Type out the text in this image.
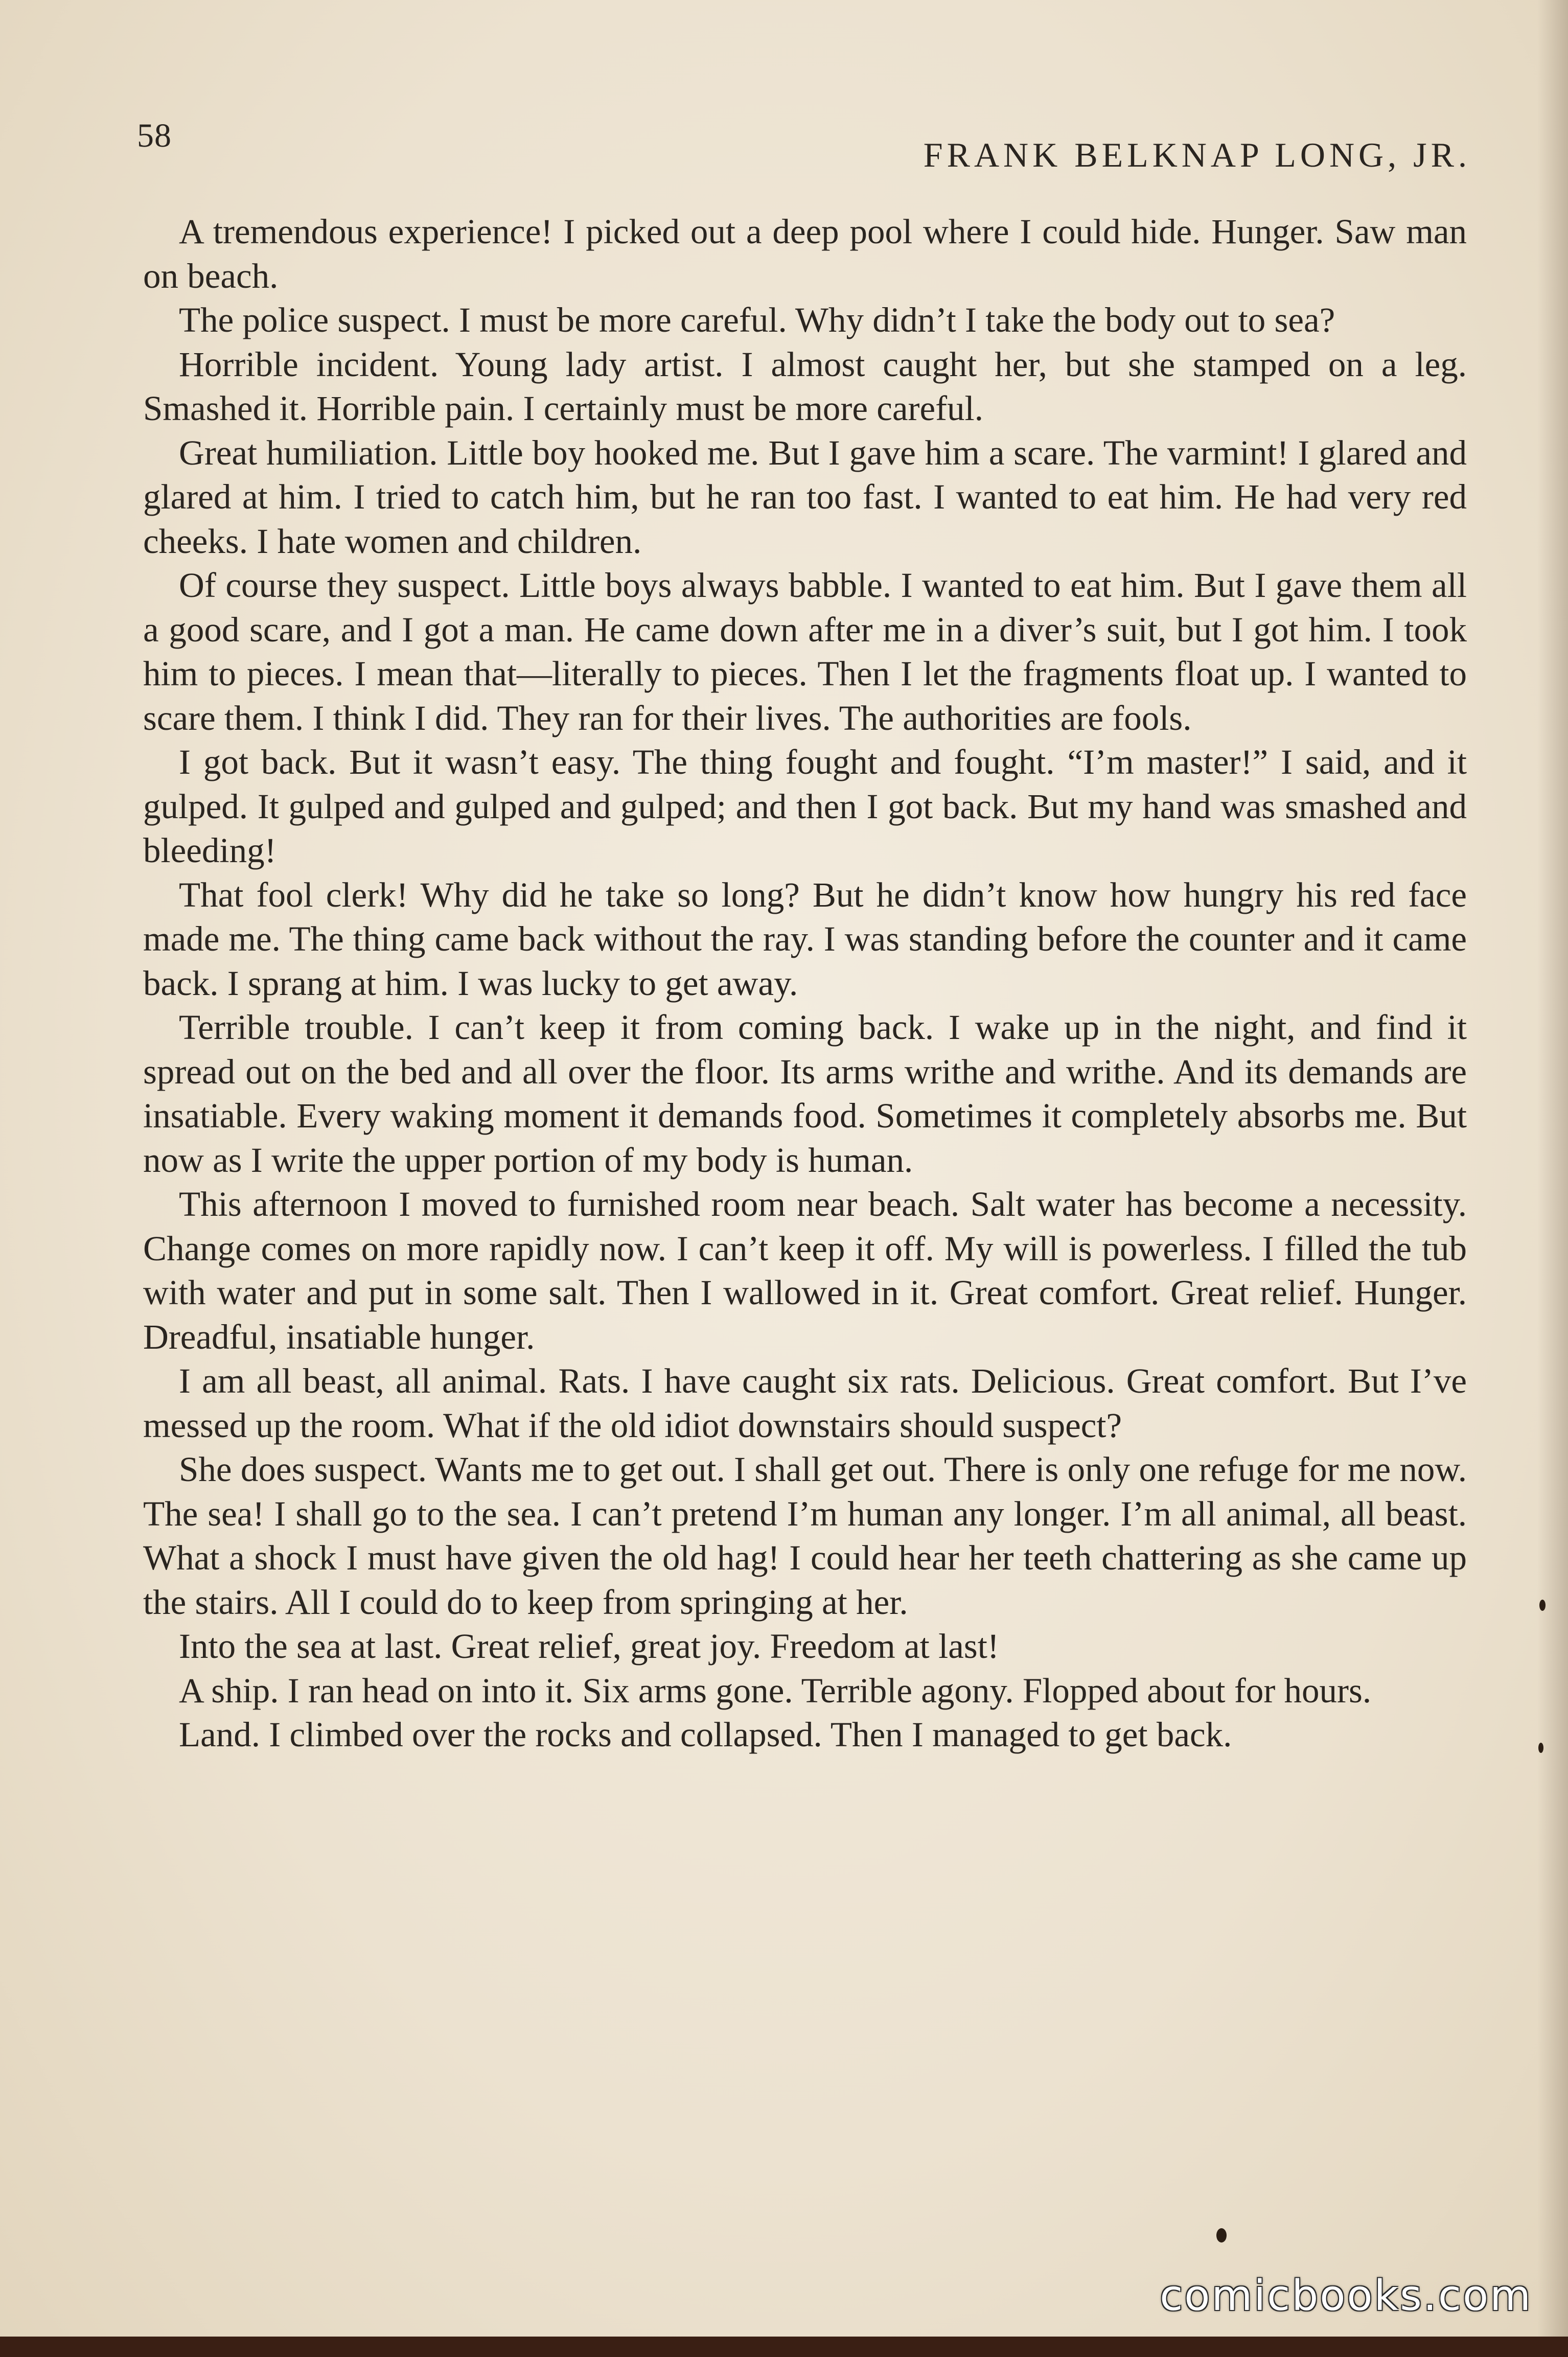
58	FRANK BELKNAP LONG, JR.

A tremendous experience! I picked out a deep pool where I could hide. Hunger. Saw man on beach.

The police suspect. I must be more careful. Why didn’t I take the body out to sea?

Horrible incident. Young lady artist. I almost caught her, but she stamped on a leg. Smashed it. Horrible pain. I certainly must be more careful.

Great humiliation. Little boy hooked me. But I gave him a scare. The varmint! I glared and glared at him. I tried to catch him, but he ran too fast. I wanted to eat him. He had very red cheeks. I hate women and children.

Of course they suspect. Little boys always babble. I wanted to eat him. But I gave them all a good scare, and I got a man. He came down after me in a diver’s suit, but I got him. I took him to pieces. I mean that—literally to pieces. Then I let the fragments float up. I wanted to scare them. I think I did. They ran for their lives. The authorities are fools.

I got back. But it wasn’t easy. The thing fought and fought. “I’m master!” I said, and it gulped. It gulped and gulped and gulped; and then I got back. But my hand was smashed and bleeding!

That fool clerk! Why did he take so long? But he didn’t know how hungry his red face made me. The thing came back without the ray. I was standing before the counter and it came back. I sprang at him. I was lucky to get away.

Terrible trouble. I can’t keep it from coming back. I wake up in the night, and find it spread out on the bed and all over the floor. Its arms writhe and writhe. And its demands are insatiable. Every waking moment it demands food. Sometimes it completely absorbs me. But now as I write the upper portion of my body is human.

This afternoon I moved to furnished room near beach. Salt water has become a necessity. Change comes on more rapidly now. I can’t keep it off. My will is powerless. I filled the tub with water and put in some salt. Then I wallowed in it. Great comfort. Great relief. Hunger. Dreadful, insatiable hunger.

I am all beast, all animal. Rats. I have caught six rats. Delicious. Great comfort. But I’ve messed up the room. What if the old idiot downstairs should suspect?

She does suspect. Wants me to get out. I shall get out. There is only one refuge for me now. The sea! I shall go to the sea. I can’t pretend I’m human any longer. I’m all animal, all beast. What a shock I must have given the old hag! I could hear her teeth chattering as she came up the stairs. All I could do to keep from springing at her.

Into the sea at last. Great relief, great joy. Freedom at last!

A ship. I ran head on into it. Six arms gone. Terrible agony. Flopped about for hours.

Land. I climbed over the rocks and collapsed. Then I managed to get back.

comicbooks.com
